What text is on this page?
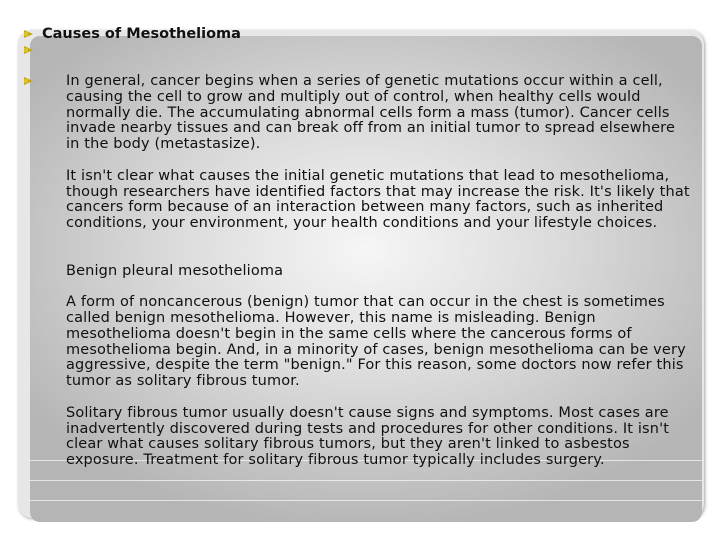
Causes of Mesothelioma

In general, cancer begins when a series of genetic mutations occur within a cell, causing the cell to grow and multiply out of control, when healthy cells would normally die. The accumulating abnormal cells form a mass (tumor). Cancer cells invade nearby tissues and can break off from an initial tumor to spread elsewhere in the body (metastasize).

It isn't clear what causes the initial genetic mutations that lead to mesothelioma, though researchers have identified factors that may increase the risk. It's likely that cancers form because of an interaction between many factors, such as inherited conditions, your environment, your health conditions and your lifestyle choices.

Benign pleural mesothelioma

A form of noncancerous (benign) tumor that can occur in the chest is sometimes called benign mesothelioma. However, this name is misleading. Benign mesothelioma doesn't begin in the same cells where the cancerous forms of mesothelioma begin. And, in a minority of cases, benign mesothelioma can be very aggressive, despite the term "benign." For this reason, some doctors now refer this tumor as solitary fibrous tumor.

Solitary fibrous tumor usually doesn't cause signs and symptoms. Most cases are inadvertently discovered during tests and procedures for other conditions. It isn't clear what causes solitary fibrous tumors, but they aren't linked to asbestos exposure. Treatment for solitary fibrous tumor typically includes surgery.
